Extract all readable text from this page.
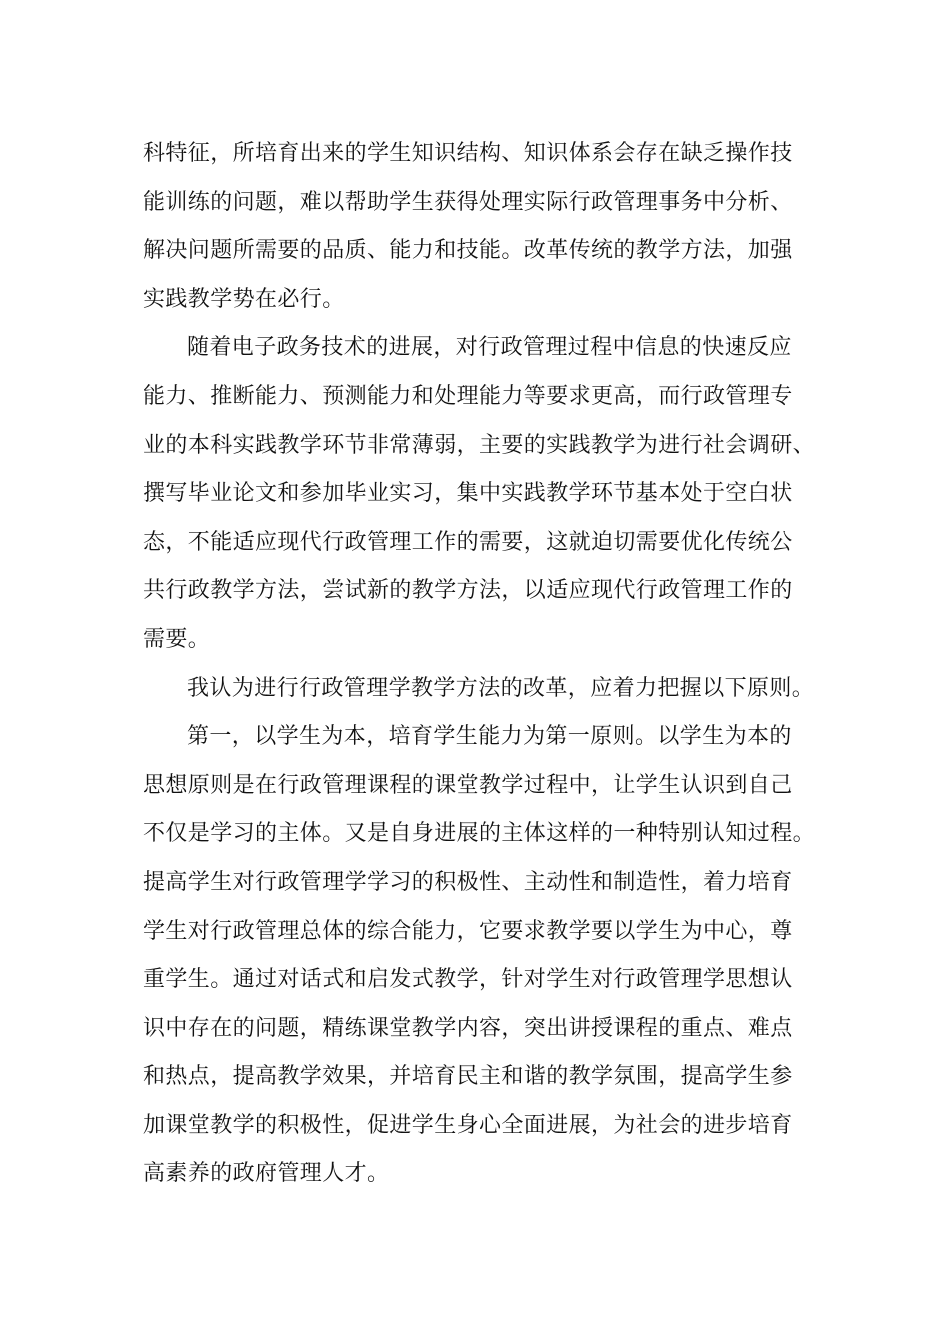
科特征，所培育出来的学生知识结构、知识体系会存在缺乏操作技
能训练的问题，难以帮助学生获得处理实际行政管理事务中分析、
解决问题所需要的品质、能力和技能。改革传统的教学方法，加强
实践教学势在必行。
随着电子政务技术的进展，对行政管理过程中信息的快速反应
能力、推断能力、预测能力和处理能力等要求更高，而行政管理专
业的本科实践教学环节非常薄弱，主要的实践教学为进行社会调研、
撰写毕业论文和参加毕业实习，集中实践教学环节基本处于空白状
态，不能适应现代行政管理工作的需要，这就迫切需要优化传统公
共行政教学方法，尝试新的教学方法，以适应现代行政管理工作的
需要。
我认为进行行政管理学教学方法的改革，应着力把握以下原则。
第一，以学生为本，培育学生能力为第一原则。以学生为本的
思想原则是在行政管理课程的课堂教学过程中，让学生认识到自己
不仅是学习的主体。又是自身进展的主体这样的一种特别认知过程。
提高学生对行政管理学学习的积极性、主动性和制造性，着力培育
学生对行政管理总体的综合能力，它要求教学要以学生为中心，尊
重学生。通过对话式和启发式教学，针对学生对行政管理学思想认
识中存在的问题，精练课堂教学内容，突出讲授课程的重点、难点
和热点，提高教学效果，并培育民主和谐的教学氛围，提高学生参
加课堂教学的积极性，促进学生身心全面进展，为社会的进步培育
高素养的政府管理人才。
